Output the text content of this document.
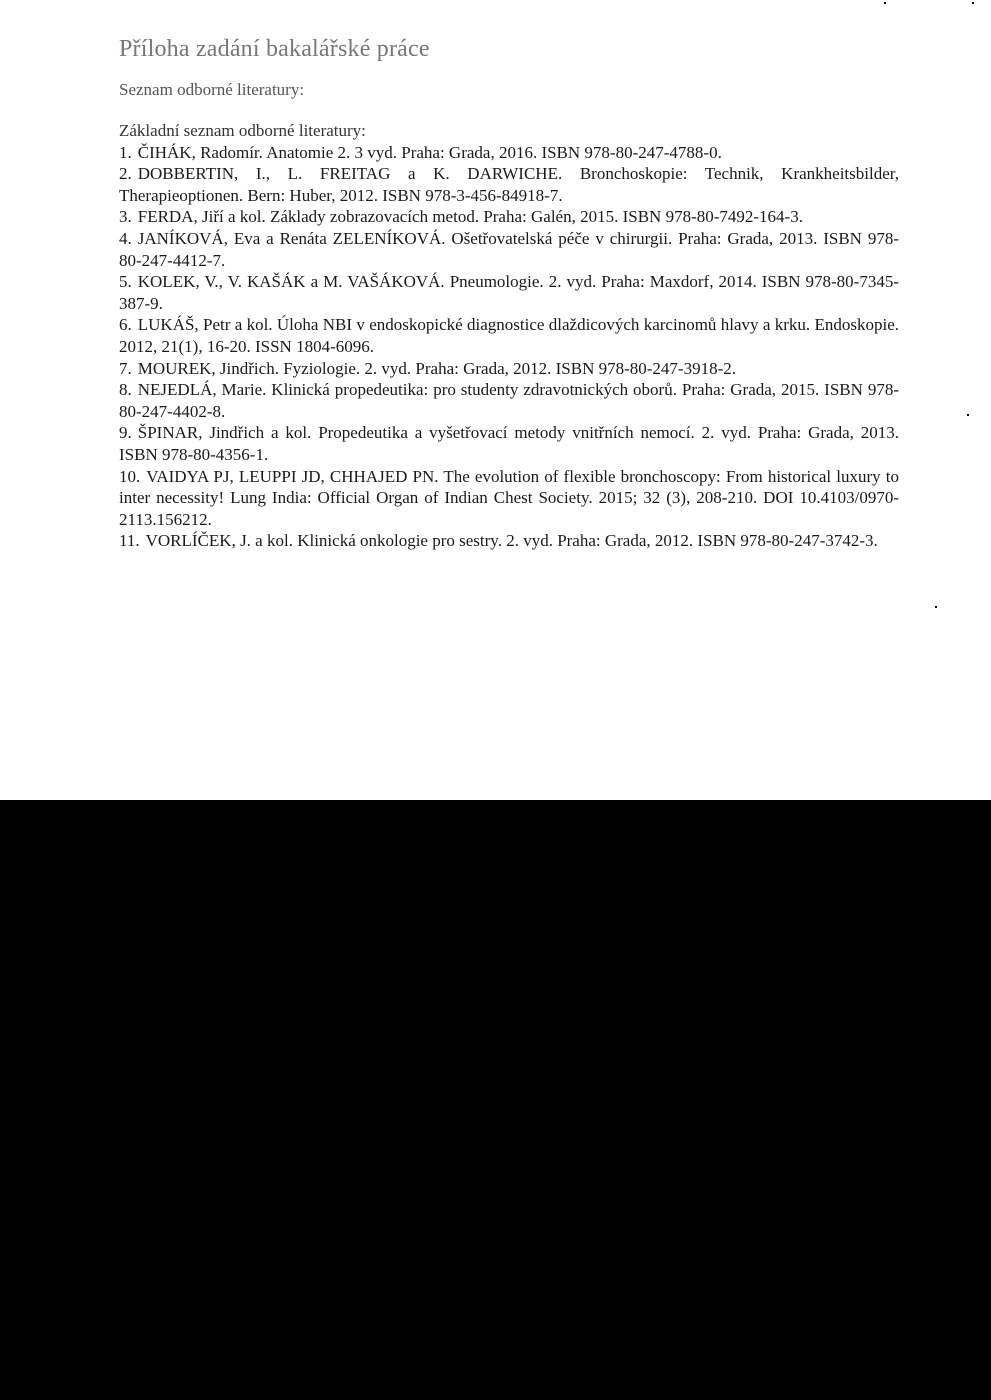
Příloha zadání bakalářské práce
Seznam odborné literatury:

Základní seznam odborné literatury:

1. ČIHÁK, Radomír. Anatomie 2. 3 vyd. Praha: Grada, 2016. ISBN 978-80-247-4788-0.

2. DOBBERTIN, I., L. FREITAG a K. DARWICHE. Bronchoskopie: Technik, Krankheitsbilder, Therapieoptionen. Bern: Huber, 2012. ISBN 978-3-456-84918-7.

3. FERDA, Jiří a kol. Základy zobrazovacích metod. Praha: Galén, 2015. ISBN 978-80-7492-164-3.

4. JANÍKOVÁ, Eva a Renáta ZELENÍKOVÁ. Ošetřovatelská péče v chirurgii. Praha: Grada, 2013. ISBN 978-80-247-4412-7.

5. KOLEK, V., V. KAŠÁK a M. VAŠÁKOVÁ. Pneumologie. 2. vyd. Praha: Maxdorf, 2014. ISBN 978-80-7345-387-9.

6. LUKÁŠ, Petr a kol. Úloha NBI v endoskopické diagnostice dlaždicových karcinomů hlavy a krku. Endoskopie. 2012, 21(1), 16-20. ISSN 1804-6096.

7. MOUREK, Jindřich. Fyziologie. 2. vyd. Praha: Grada, 2012. ISBN 978-80-247-3918-2.

8. NEJEDLÁ, Marie. Klinická propedeutika: pro studenty zdravotnických oborů. Praha: Grada, 2015. ISBN 978-80-247-4402-8.

9. ŠPINAR, Jindřich a kol. Propedeutika a vyšetřovací metody vnitřních nemocí. 2. vyd. Praha: Grada, 2013. ISBN 978-80-4356-1.

10. VAIDYA PJ, LEUPPI JD, CHHAJED PN. The evolution of flexible bronchoscopy: From historical luxury to inter necessity! Lung India: Official Organ of Indian Chest Society. 2015; 32 (3), 208-210. DOI 10.4103/0970-2113.156212.

11. VORLÍČEK, J. a kol. Klinická onkologie pro sestry. 2. vyd. Praha: Grada, 2012. ISBN 978-80-247-3742-3.
